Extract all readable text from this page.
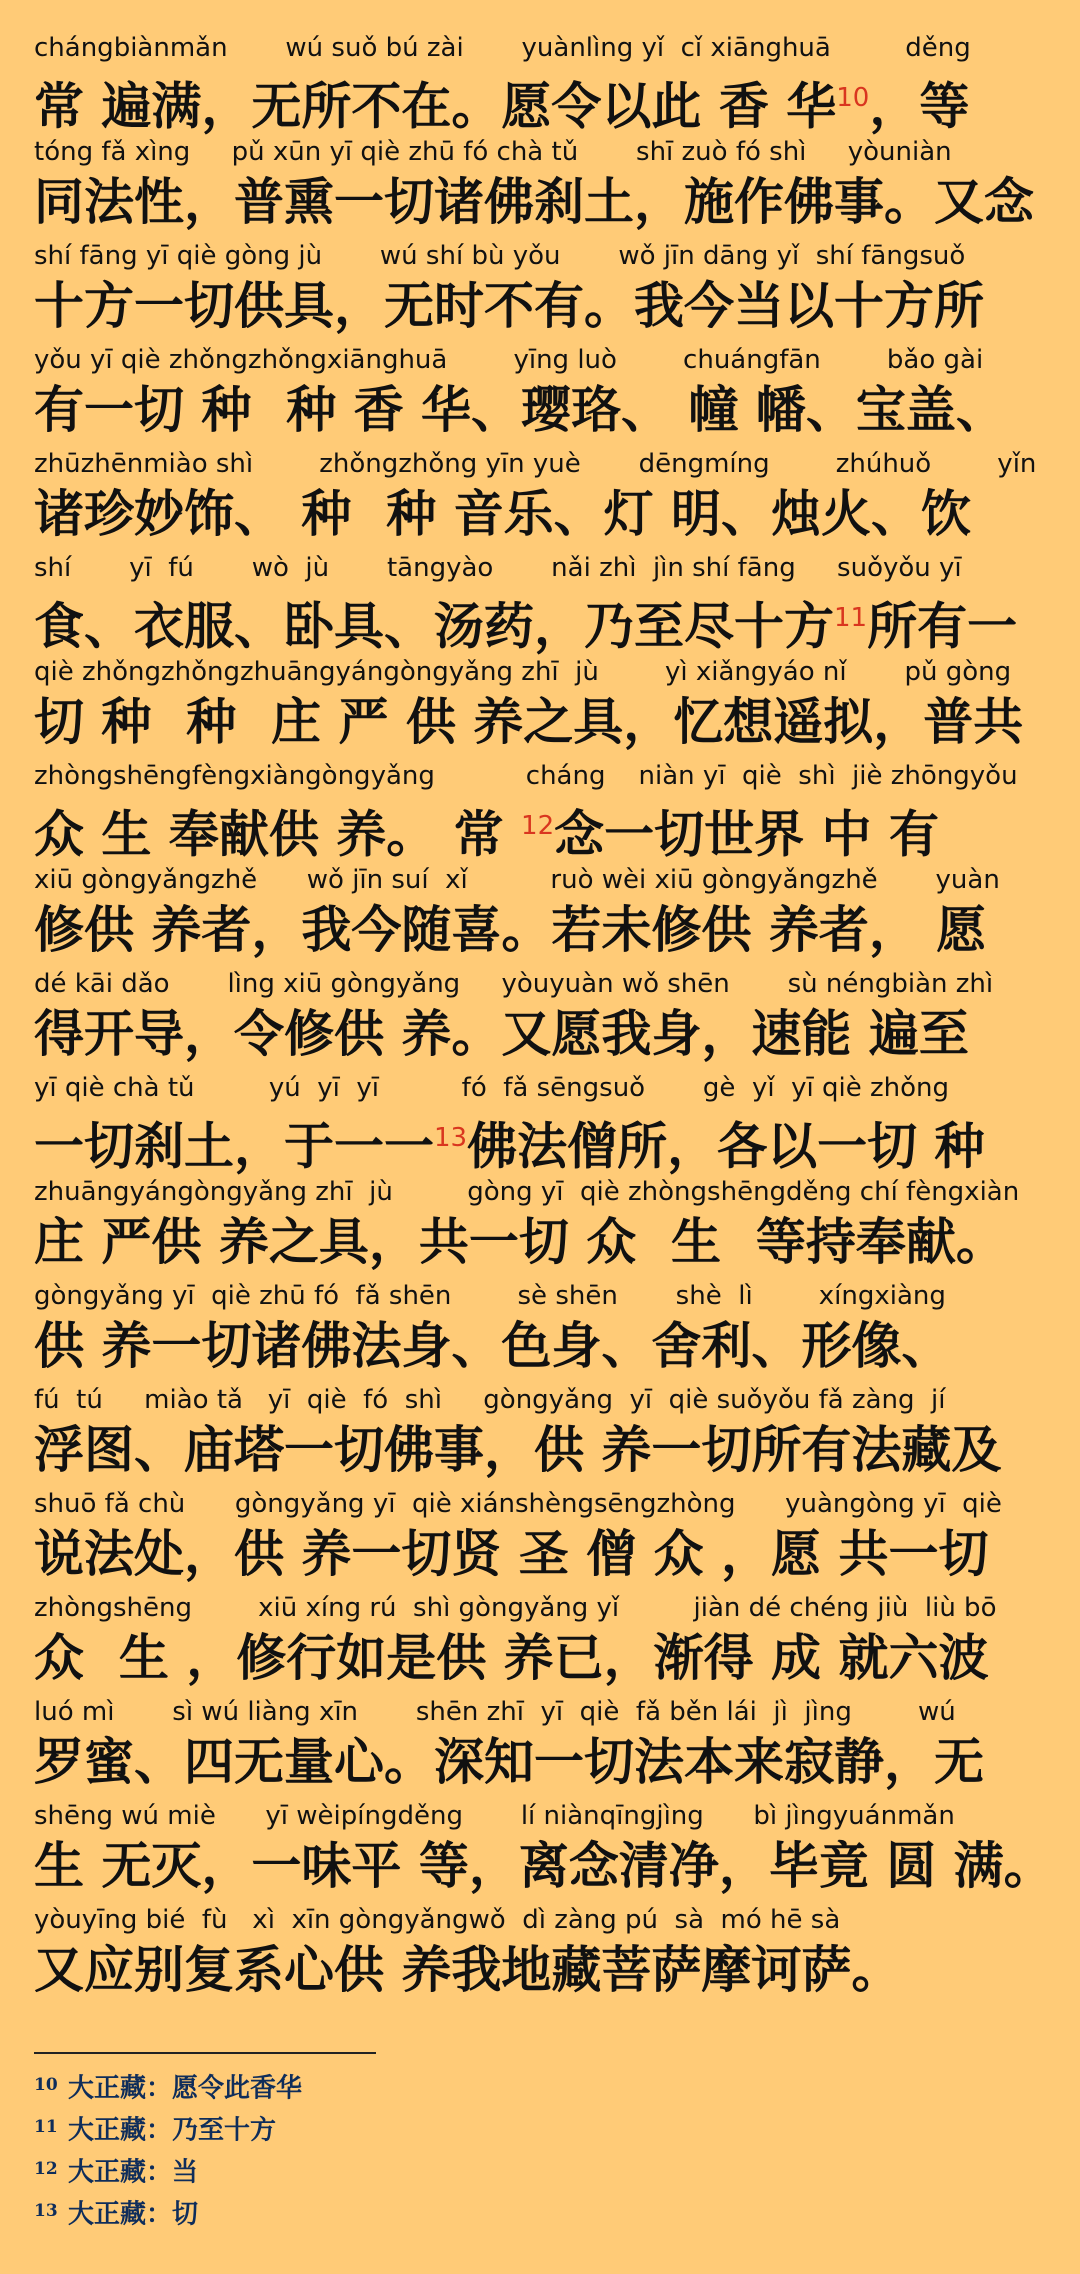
chángbiànmǎn       wú suǒ bú zài       yuànlìng yǐ  cǐ xiānghuā         děng
常 遍满，无所不在。愿令以此 香 华$^{10}$，等
tóng fǎ xìng     pǔ xūn yī qiè zhū fó chà tǔ       shī zuò fó shì     yòuniàn
同法性，普熏一切诸佛刹土，施作佛事。又念
shí fāng yī qiè gòng jù       wú shí bù yǒu       wǒ jīn dāng yǐ  shí fāngsuǒ
十方一切供具，无时不有。我今当以十方所
yǒu yī qiè zhǒngzhǒngxiānghuā        yīng luò        chuángfān        bǎo gài
有一切 种  种 香 华、璎珞、 幢 幡、宝盖、
zhūzhēnmiào shì        zhǒngzhǒng yīn yuè       dēngmíng        zhúhuǒ        yǐn
诸珍妙饰、 种  种 音乐、灯 明、烛火、饮
shí       yī  fú       wò  jù       tāngyào       nǎi zhì  jìn shí fāng     suǒyǒu yī
食、衣服、卧具、汤药，乃至尽十方$^{11}$所有一
qiè zhǒngzhǒngzhuāngyángòngyǎng zhī  jù        yì xiǎngyáo nǐ       pǔ gòng
切 种  种  庄 严 供 养之具，忆想遥拟，普共
zhòngshēngfèngxiàngòngyǎng           cháng    niàn yī  qiè  shì  jiè zhōngyǒu
众 生 奉献供 养。 常 $^{12}$念一切世界 中 有
xiū gòngyǎngzhě      wǒ jīn suí  xǐ          ruò wèi xiū gòngyǎngzhě       yuàn
修供 养者，我今随喜。若未修供 养者， 愿
dé kāi dǎo       lìng xiū gòngyǎng     yòuyuàn wǒ shēn       sù néngbiàn zhì
得开导，令修供 养。又愿我身，速能 遍至
yī qiè chà tǔ         yú  yī  yī          fó  fǎ sēngsuǒ       gè  yǐ  yī qiè zhǒng
一切刹土，于一一$^{13}$佛法僧所，各以一切 种
zhuāngyángòngyǎng zhī  jù         gòng yī  qiè zhòngshēngděng chí fèngxiàn
庄 严供 养之具，共一切 众  生  等持奉献。
gòngyǎng yī  qiè zhū fó  fǎ shēn        sè shēn       shè  lì        xíngxiàng
供 养一切诸佛法身、色身、舍利、形像、
fú  tú     miào tǎ   yī  qiè  fó  shì     gòngyǎng  yī  qiè suǒyǒu fǎ zàng  jí
浮图、庙塔一切佛事，供 养一切所有法藏及
shuō fǎ chù      gòngyǎng yī  qiè xiánshèngsēngzhòng      yuàngòng yī  qiè
说法处，供 养一切贤 圣 僧 众 ，愿 共一切
zhòngshēng        xiū xíng rú  shì gòngyǎng yǐ         jiàn dé chéng jiù  liù bō
众  生 ，修行如是供 养已，渐得 成 就六波
luó mì       sì wú liàng xīn       shēn zhī  yī  qiè  fǎ běn lái  jì  jìng        wú
罗蜜、四无量心。深知一切法本来寂静，无
shēng wú miè      yī wèipíngděng       lí niànqīngjìng      bì jìngyuánmǎn
生 无灭，一味平 等，离念清净，毕竟 圆 满。
yòuyīng bié  fù   xì  xīn gòngyǎngwǒ  dì zàng pú  sà  mó hē sà
又应别复系心供 养我地藏菩萨摩诃萨。
10 大正藏：愿令此香华
11 大正藏：乃至十方
12 大正藏：当
13 大正藏：切
